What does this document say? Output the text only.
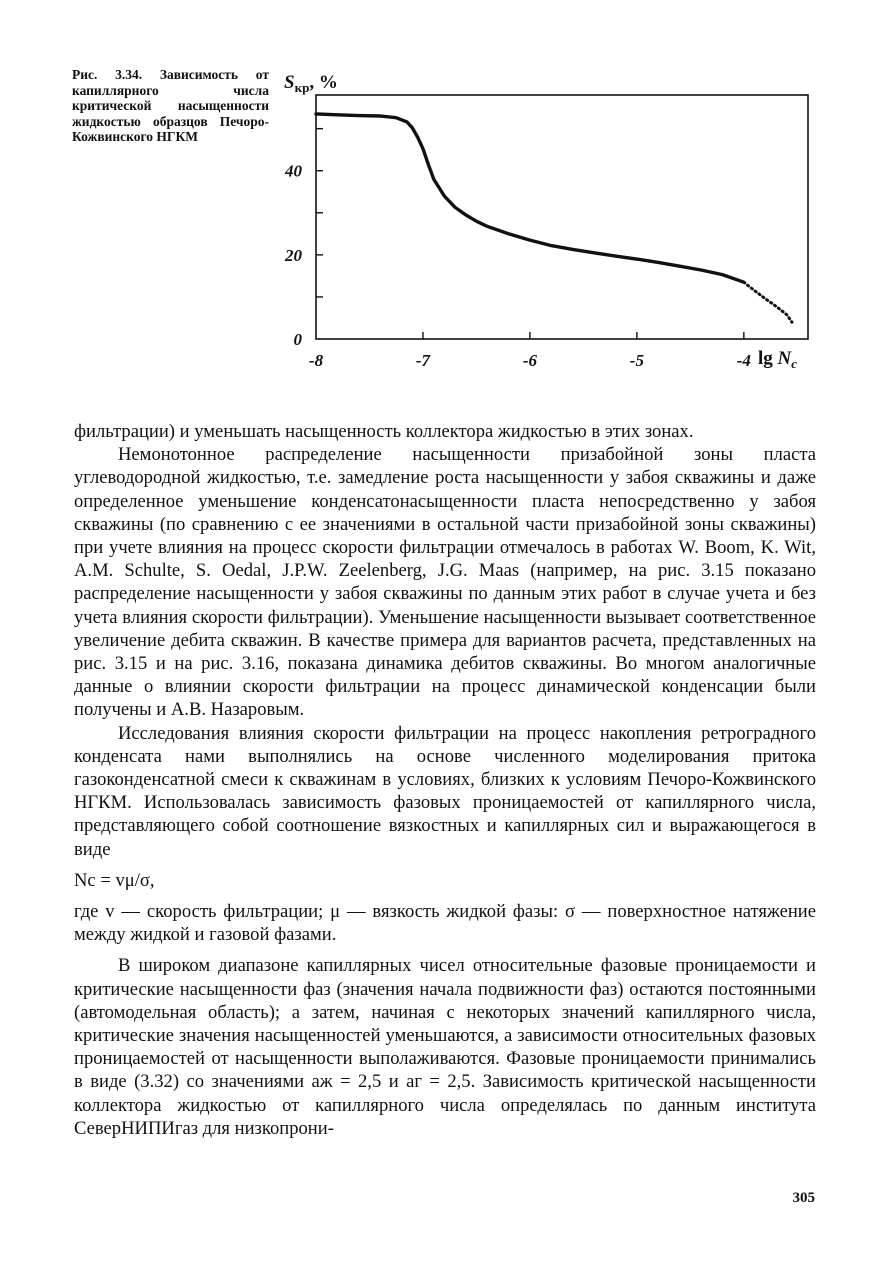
Рис. 3.34. Зависимость от капиллярного числа критической насыщенности жидкостью образцов Печоро-Кожвинского НГКМ
$S_{кр}$, %
-8	-7	-6	-5	-4
0
20
40
$\lg N_c$

фильтрации) и уменьшать насыщенность коллектора жидкостью в этих зонах.

Немонотонное распределение насыщенности призабойной зоны пласта углеводородной жидкостью, т.е. замедление роста насыщенности у забоя скважины и даже определенное уменьшение конденсатонасыщенности пласта непосредственно у забоя скважины (по сравнению с ее значениями в остальной части призабойной зоны скважины) при учете влияния на процесс скорости фильтрации отмечалось в работах W. Boom, K. Wit, A.M. Schulte, S. Oedal, J.P.W. Zeelenberg, J.G. Maas (например, на рис. 3.15 показано распределение насыщенности у забоя скважины по данным этих работ в случае учета и без учета влияния скорости фильтрации). Уменьшение насыщенности вызывает соответственное увеличение дебита скважин. В качестве примера для вариантов расчета, представленных на рис. 3.15 и на рис. 3.16, показана динамика дебитов скважины. Во многом аналогичные данные о влиянии скорости фильтрации на процесс динамической конденсации были получены и А.В. Назаровым.

Исследования влияния скорости фильтрации на процесс накопления ретроградного конденсата нами выполнялись на основе численного моделирования притока газоконденсатной смеси к скважинам в условиях, близких к условиям Печоро-Кожвинского НГКМ. Использовалась зависимость фазовых проницаемостей от капиллярного числа, представляющего собой соотношение вязкостных и капиллярных сил и выражающегося в виде

Nc = vμ/σ,

где v — скорость фильтрации; μ — вязкость жидкой фазы: σ — поверхностное натяжение между жидкой и газовой фазами.

В широком диапазоне капиллярных чисел относительные фазовые проницаемости и критические насыщенности фаз (значения начала подвижности фаз) остаются постоянными (автомодельная область); а затем, начиная с некоторых значений капиллярного числа, критические значения насыщенностей уменьшаются, а зависимости относительных фазовых проницаемостей от насыщенности выполаживаются. Фазовые проницаемости принимались в виде (3.32) со значениями aж = 2,5 и aг = 2,5. Зависимость критической насыщенности коллектора жидкостью от капиллярного числа определялась по данным института СеверНИПИгаз для низкопрони-

305
